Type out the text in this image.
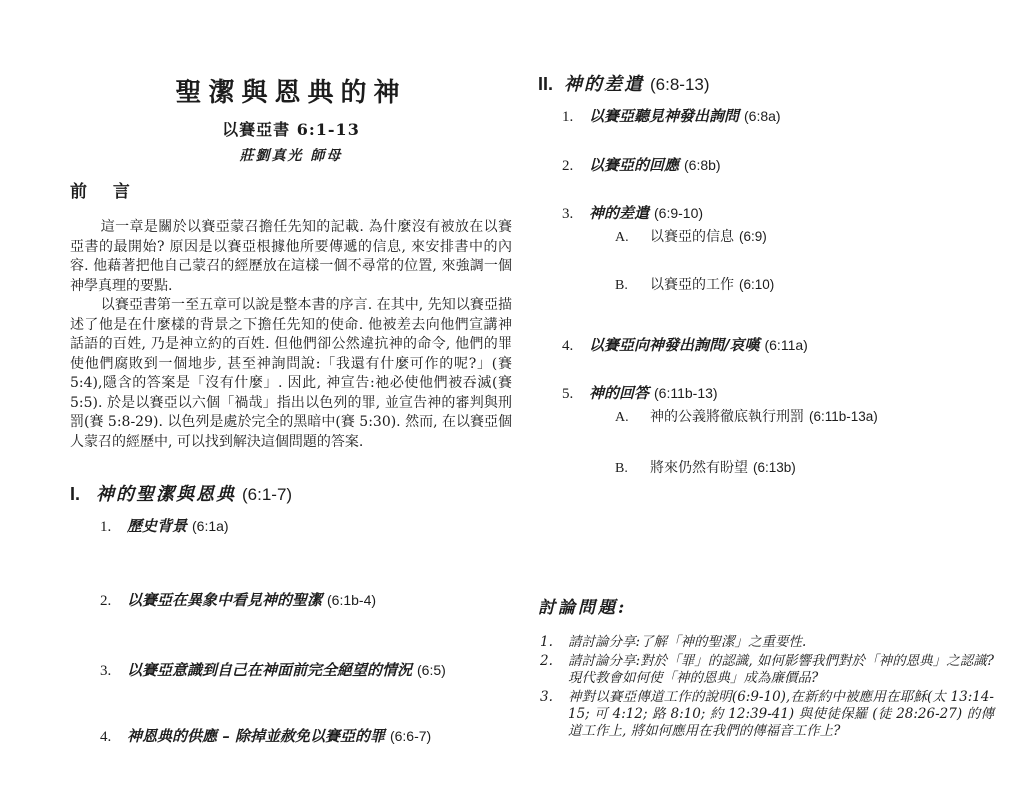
聖潔與恩典的神
以賽亞書 6:1-13
莊劉真光 師母
前 言

這一章是關於以賽亞蒙召擔任先知的記載. 為什麼沒有被放在以賽亞書的最開始? 原因是以賽亞根據他所要傳遞的信息, 來安排書中的內容. 他藉著把他自己蒙召的經歷放在這樣一個不尋常的位置, 來強調一個神學真理的要點.

以賽亞書第一至五章可以說是整本書的序言. 在其中, 先知以賽亞描述了他是在什麼樣的背景之下擔任先知的使命. 他被差去向他們宣講神話語的百姓, 乃是神立約的百姓. 但他們卻公然違抗神的命令, 他們的罪使他們腐敗到一個地步, 甚至神詢問說:「我還有什麼可作的呢?」(賽 5:4),隱含的答案是「沒有什麼」. 因此, 神宣告:祂必使他們被吞滅(賽 5:5). 於是以賽亞以六個「禍哉」指出以色列的罪, 並宣告神的審判與刑罰(賽 5:8-29). 以色列是處於完全的黑暗中(賽 5:30). 然而, 在以賽亞個人蒙召的經歷中, 可以找到解決這個問題的答案.

I. 神的聖潔與恩典 (6:1-7)
1.	歷史背景 (6:1a)
2.	以賽亞在異象中看見神的聖潔 (6:1b-4)
3.	以賽亞意識到自己在神面前完全絕望的情況 (6:5)
4.	神恩典的供應 – 除掉並赦免以賽亞的罪 (6:6-7)
II. 神的差遣 (6:8-13)
1.	以賽亞聽見神發出詢問 (6:8a)
2.	以賽亞的回應 (6:8b)
3.	神的差遣 (6:9-10)
A.	以賽亞的信息 (6:9)
B.	以賽亞的工作 (6:10)
4.	以賽亞向神發出詢問/哀嘆 (6:11a)
5.	神的回答 (6:11b-13)
A.	神的公義將徹底執行刑罰 (6:11b-13a)
B.	將來仍然有盼望 (6:13b)
討論問題:
1.	請討論分享:了解「神的聖潔」之重要性.
2.	請討論分享:對於「罪」的認識, 如何影響我們對於「神的恩典」之認識? 現代教會如何使「神的恩典」成為廉價品?
3.	神對以賽亞傳道工作的說明(6:9-10),在新約中被應用在耶穌(太 13:14-15; 可 4:12; 路 8:10; 約 12:39-41) 與使徒保羅 (徒 28:26-27) 的傳道工作上, 將如何應用在我們的傳福音工作上?
